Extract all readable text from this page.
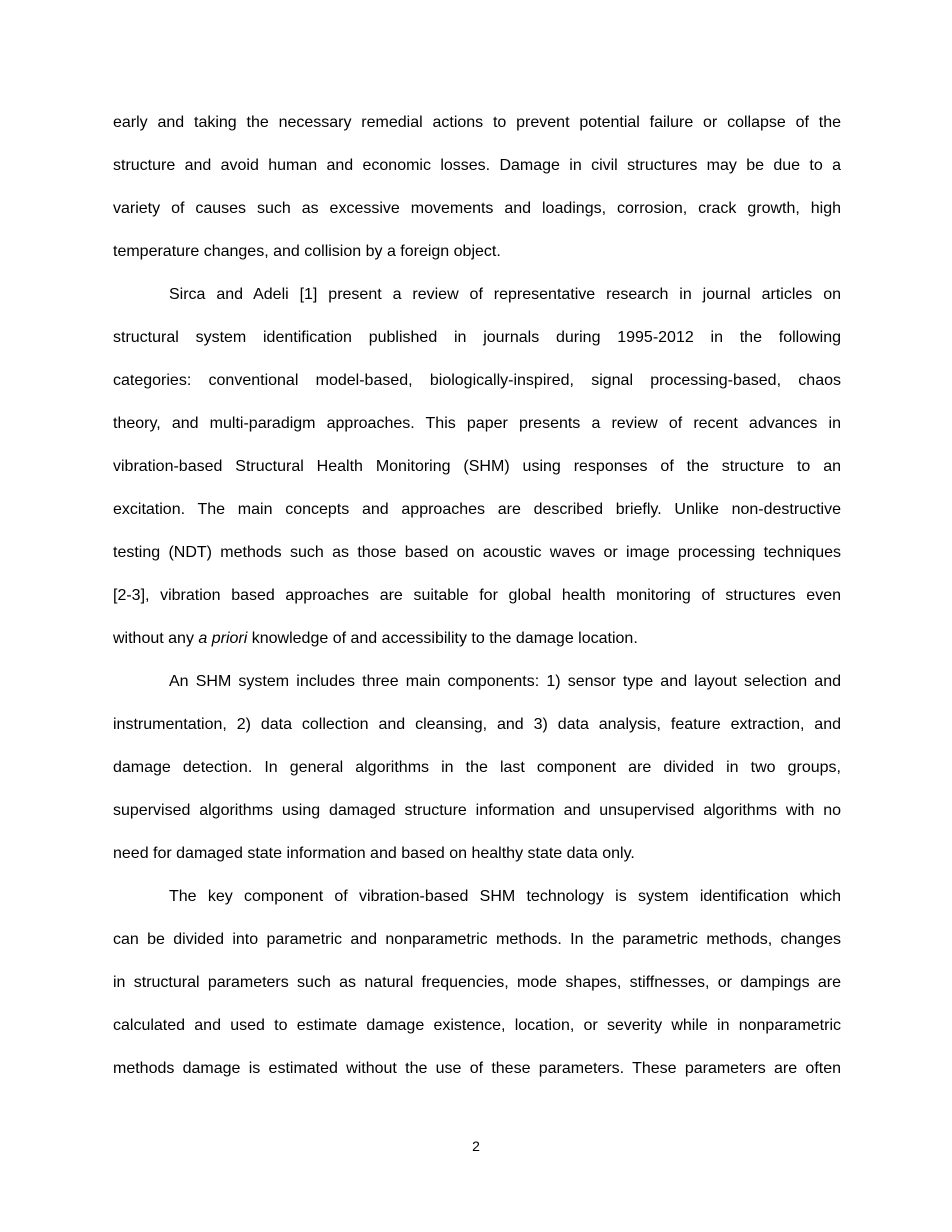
early and taking the necessary remedial actions to prevent potential failure or collapse of the
structure and avoid human and economic losses. Damage in civil structures may be due to a
variety of causes such as excessive movements and loadings, corrosion, crack growth, high
temperature changes, and collision by a foreign object.
Sirca and Adeli [1] present a review of representative research in journal articles on
structural system identification published in journals during 1995-2012 in the following
categories: conventional model-based, biologically-inspired, signal processing-based, chaos
theory, and multi-paradigm approaches. This paper presents a review of recent advances in
vibration-based Structural Health Monitoring (SHM) using responses of the structure to an
excitation. The main concepts and approaches are described briefly. Unlike non-destructive
testing (NDT) methods such as those based on acoustic waves or image processing techniques
[2-3], vibration based approaches are suitable for global health monitoring of structures even
without any a priori knowledge of and accessibility to the damage location.
An SHM system includes three main components: 1) sensor type and layout selection and
instrumentation, 2) data collection and cleansing, and 3) data analysis, feature extraction, and
damage detection. In general algorithms in the last component are divided in two groups,
supervised algorithms using damaged structure information and unsupervised algorithms with no
need for damaged state information and based on healthy state data only.
The key component of vibration-based SHM technology is system identification which
can be divided into parametric and nonparametric methods. In the parametric methods, changes
in structural parameters such as natural frequencies, mode shapes, stiffnesses, or dampings are
calculated and used to estimate damage existence, location, or severity while in nonparametric
methods damage is estimated without the use of these parameters. These parameters are often
2
